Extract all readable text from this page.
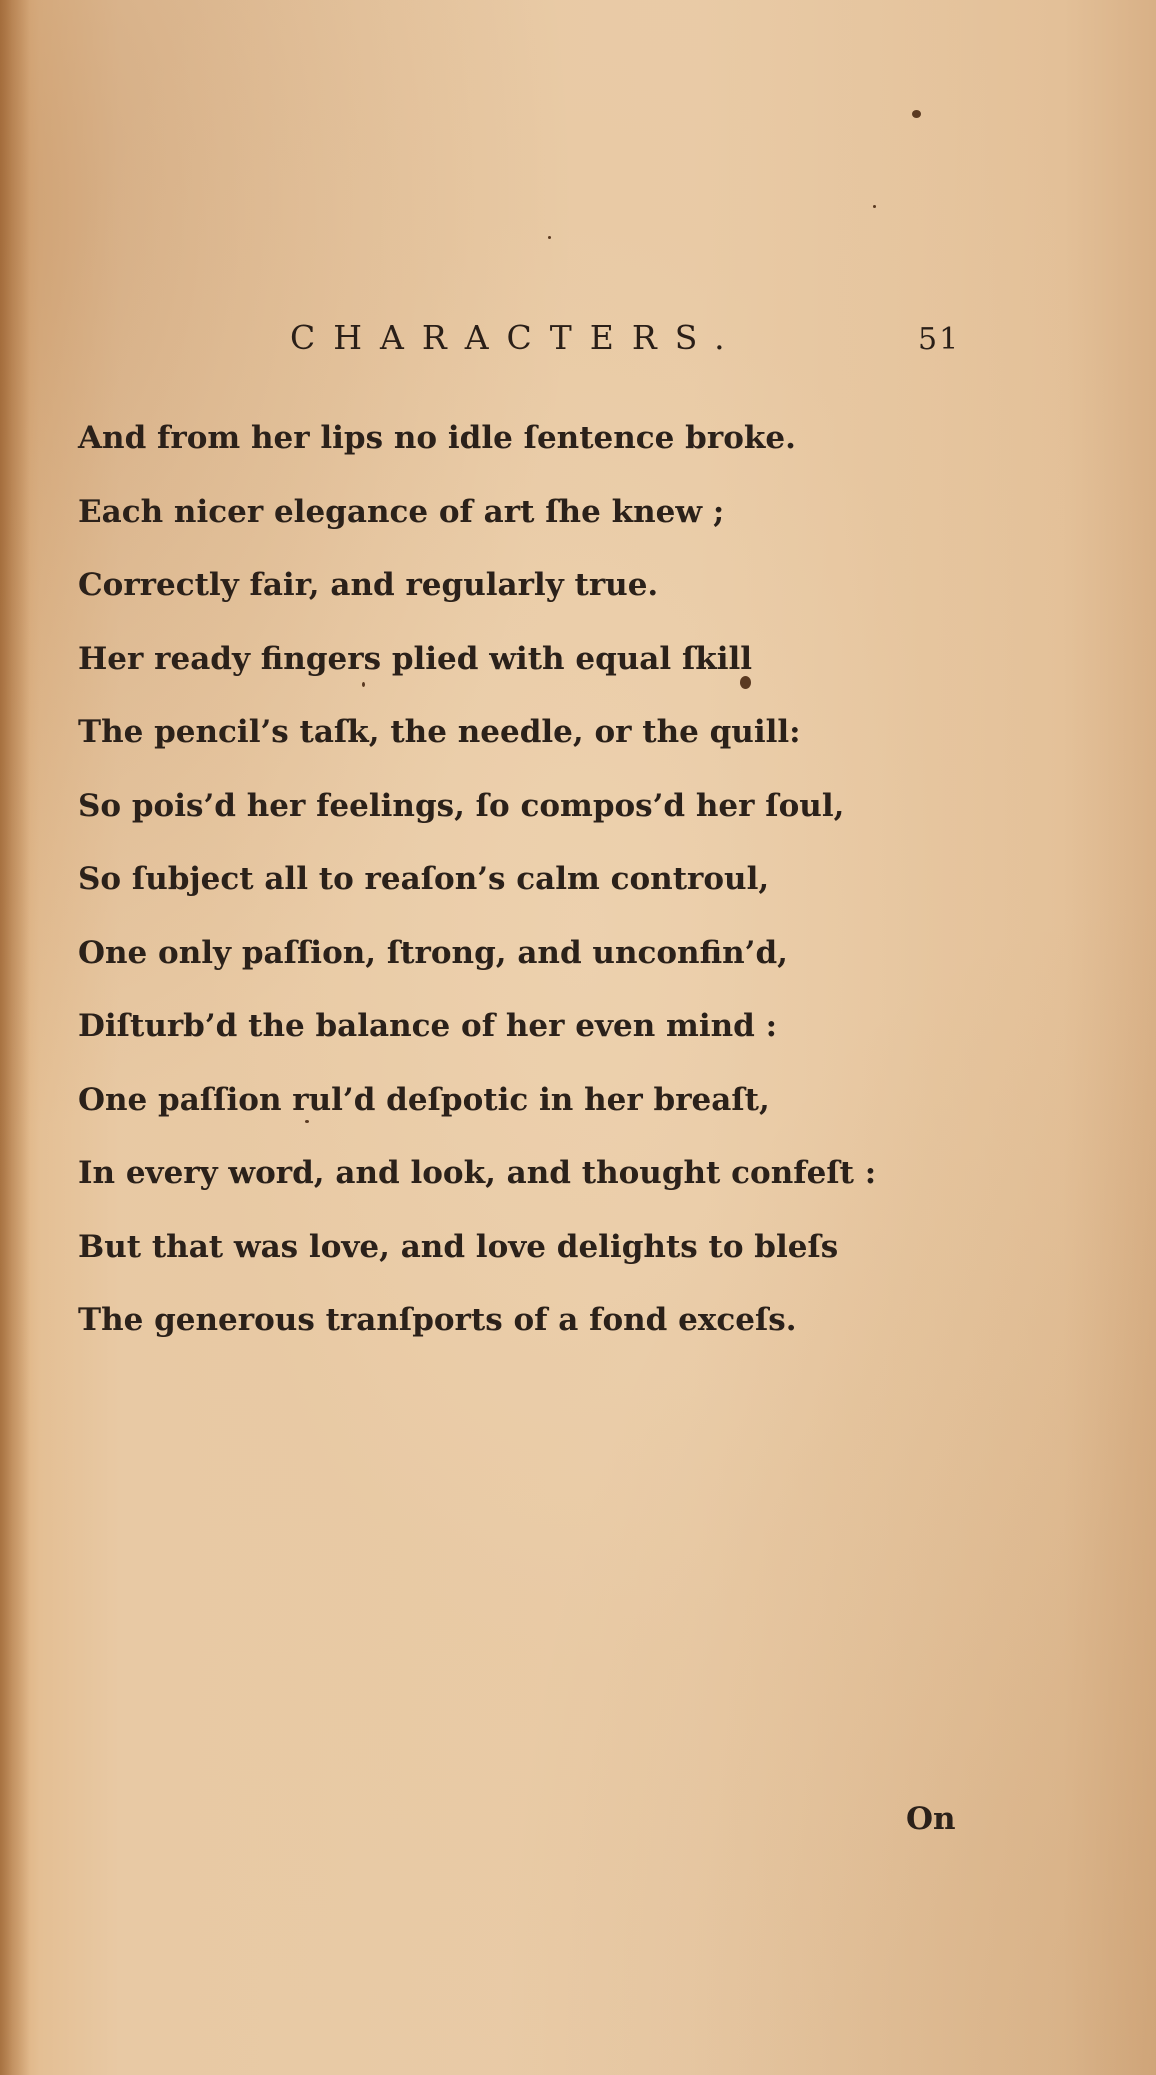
CHARACTERS.	51
And from her lips no idle ſentence broke.
Each nicer elegance of art ſhe knew ;
Correctly fair, and regularly true.
Her ready fingers plied with equal ſkill
The pencil’s taſk, the needle, or the quill:
So pois’d her feelings, ſo compos’d her ſoul,
So ſubject all to reaſon’s calm controul,
One only paſſion, ſtrong, and unconfin’d,
Diſturb’d the balance of her even mind :
One paſſion rul’d deſpotic in her breaſt,
In every word, and look, and thought confeſt :
But that was love, and love delights to bleſs
The generous tranſports of a fond exceſs.
On
